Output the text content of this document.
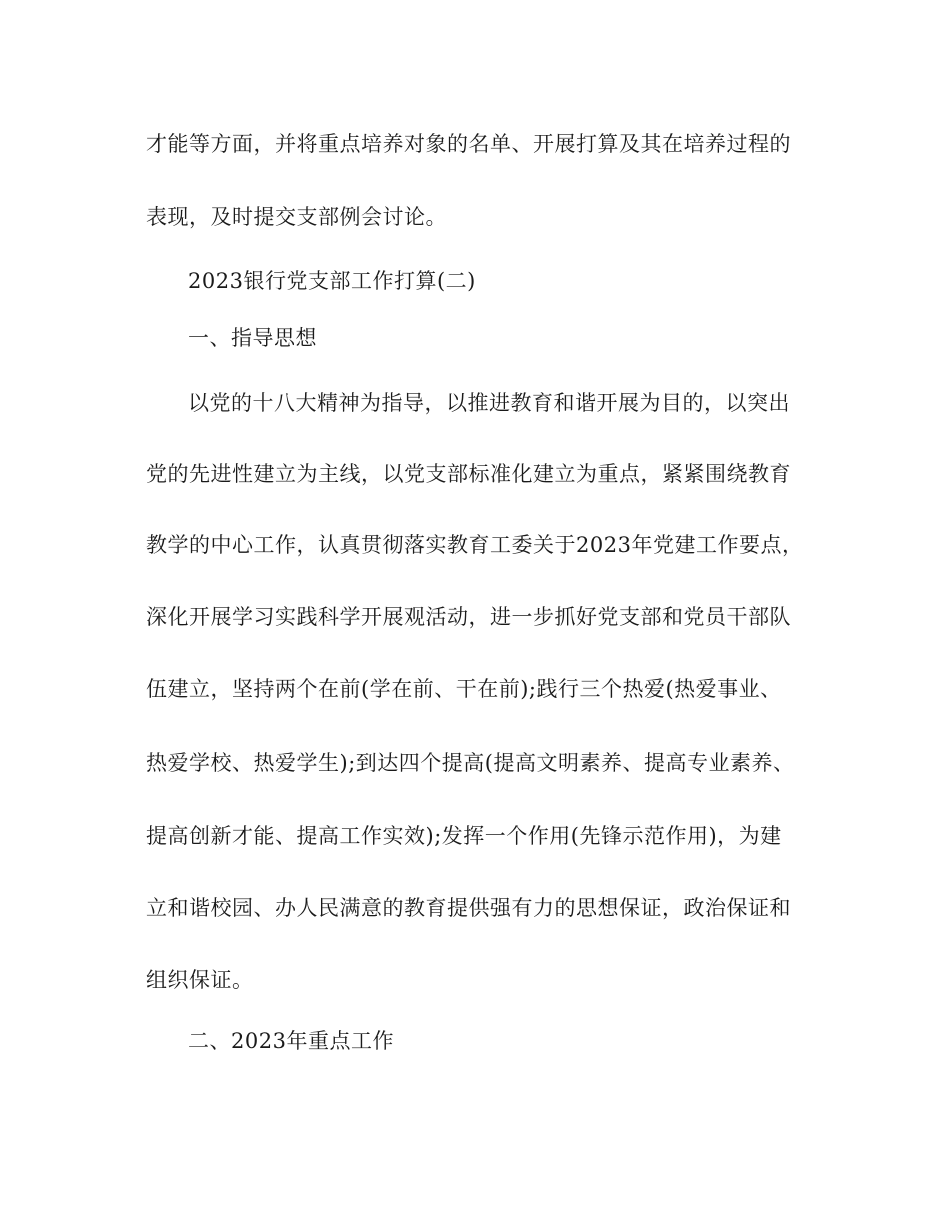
才能等方面，并将重点培养对象的名单、开展打算及其在培养过程的
表现，及时提交支部例会讨论。
2023银行党支部工作打算(二)
一、指导思想
以党的十八大精神为指导，以推进教育和谐开展为目的，以突出
党的先进性建立为主线，以党支部标准化建立为重点，紧紧围绕教育
教学的中心工作，认真贯彻落实教育工委关于2023年党建工作要点，
深化开展学习实践科学开展观活动，进一步抓好党支部和党员干部队
伍建立，坚持两个在前(学在前、干在前);践行三个热爱(热爱事业、
热爱学校、热爱学生);到达四个提高(提高文明素养、提高专业素养、
提高创新才能、提高工作实效);发挥一个作用(先锋示范作用)，为建
立和谐校园、办人民满意的教育提供强有力的思想保证，政治保证和
组织保证。
二、2023年重点工作
